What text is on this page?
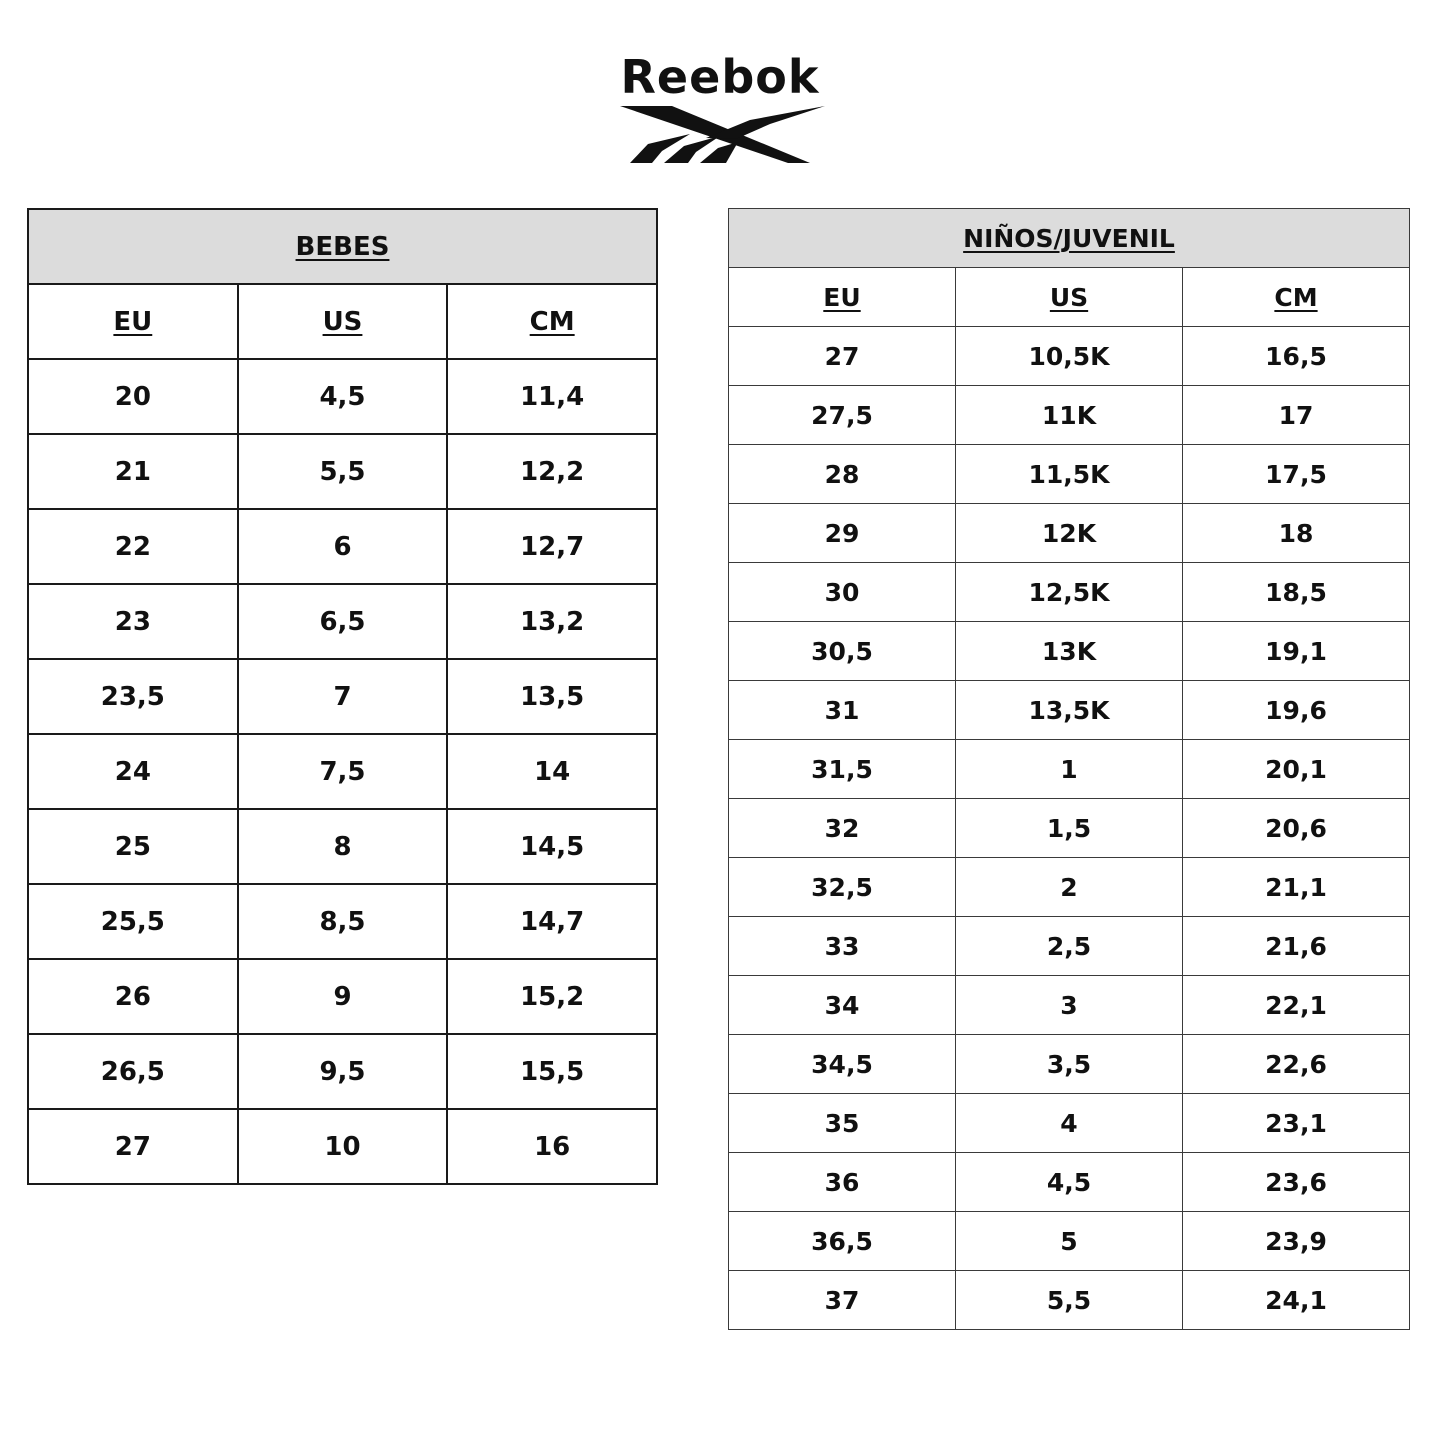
Reebok
BEBES		
EU	US	CM
20	4,5	11,4
21	5,5	12,2
22	6	12,7
23	6,5	13,2
23,5	7	13,5
24	7,5	14
25	8	14,5
25,5	8,5	14,7
26	9	15,2
26,5	9,5	15,5
27	10	16
NIÑOS/JUVENIL		
EU	US	CM
27	10,5K	16,5
27,5	11K	17
28	11,5K	17,5
29	12K	18
30	12,5K	18,5
30,5	13K	19,1
31	13,5K	19,6
31,5	1	20,1
32	1,5	20,6
32,5	2	21,1
33	2,5	21,6
34	3	22,1
34,5	3,5	22,6
35	4	23,1
36	4,5	23,6
36,5	5	23,9
37	5,5	24,1
